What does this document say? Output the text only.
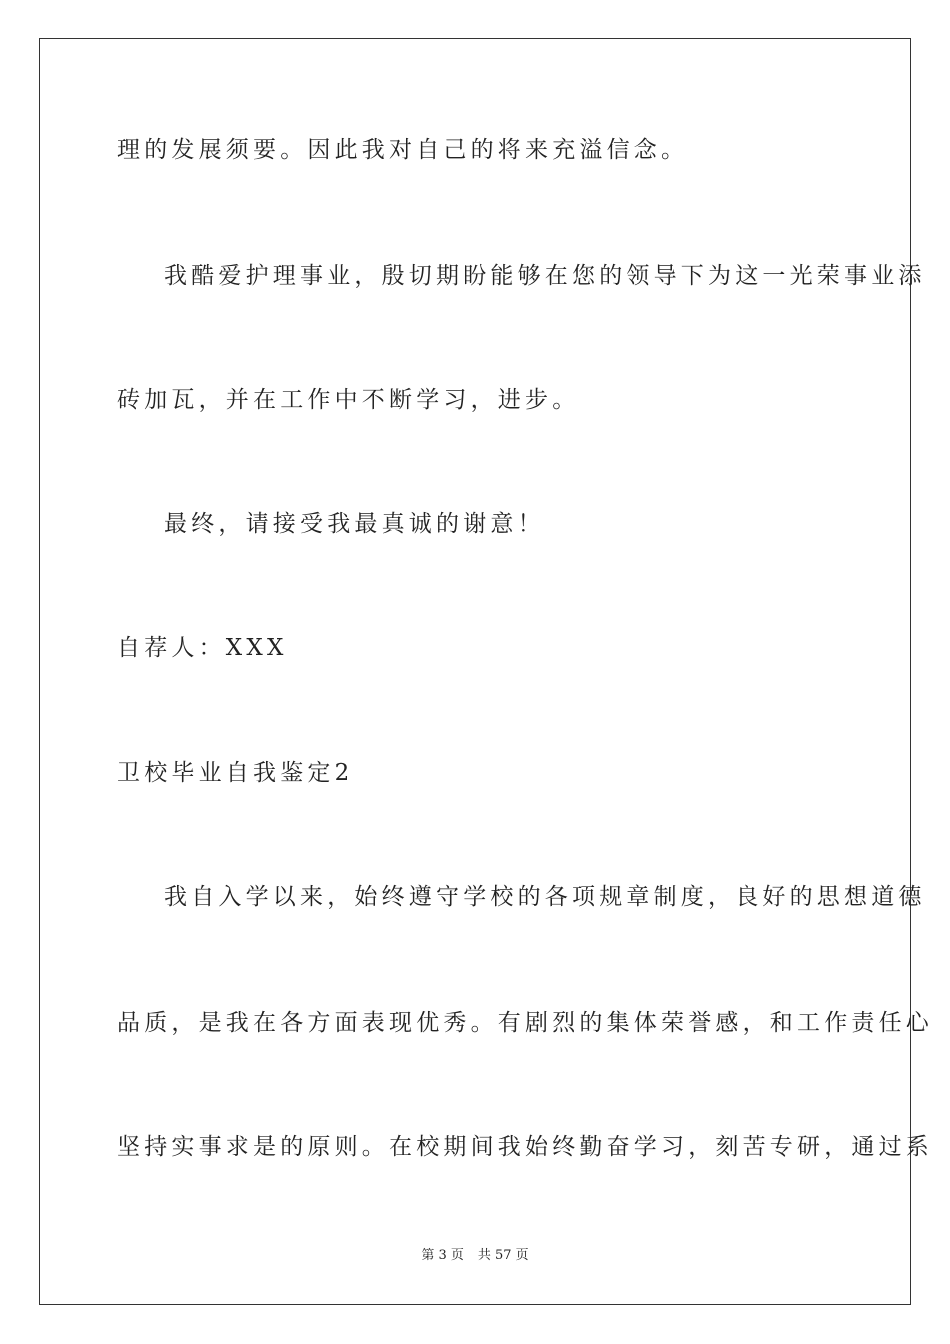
理的发展须要。因此我对自己的将来充溢信念。
我酷爱护理事业，殷切期盼能够在您的领导下为这一光荣事业添
砖加瓦，并在工作中不断学习，进步。
最终，请接受我最真诚的谢意！
自荐人：XXX
卫校毕业自我鉴定2
我自入学以来，始终遵守学校的各项规章制度，良好的思想道德
品质，是我在各方面表现优秀。有剧烈的集体荣誉感，和工作责任心
坚持实事求是的原则。在校期间我始终勤奋学习，刻苦专研，通过系
第 3 页 共 57 页
